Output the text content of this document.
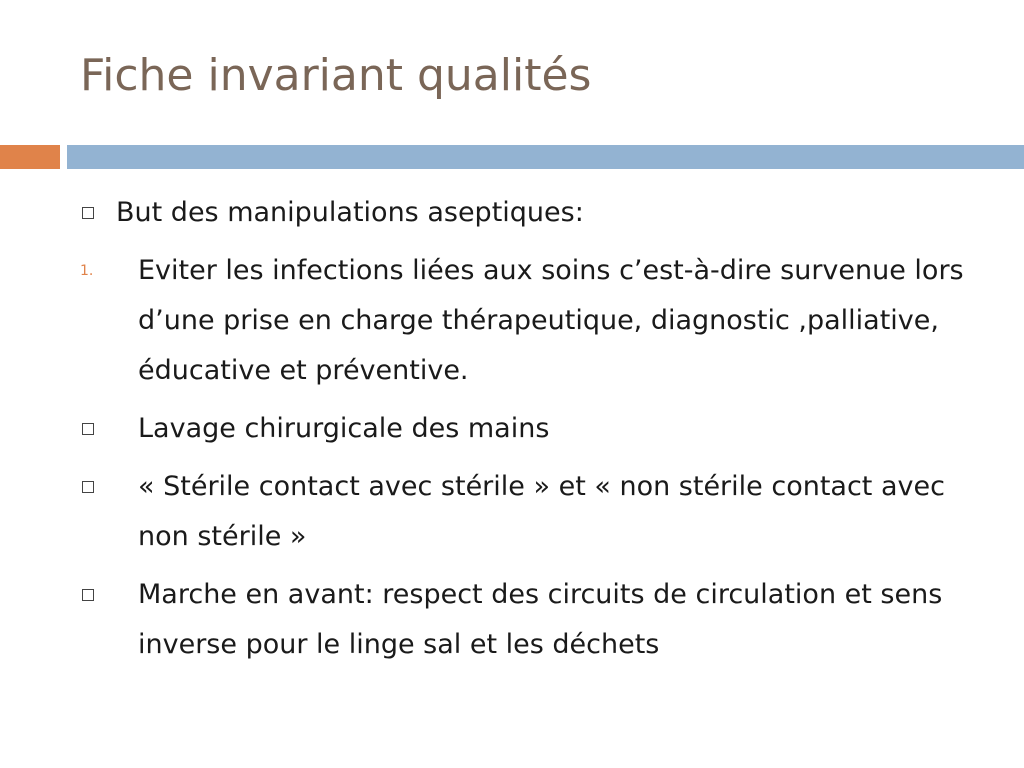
Fiche invariant qualités
But des manipulations aseptiques:
1. Eviter les infections liées aux soins c’est-à-dire survenue lors d’une prise en charge thérapeutique, diagnostic ,palliative, éducative et préventive.
Lavage chirurgicale des mains
« Stérile contact avec stérile » et « non stérile contact avec non stérile »
Marche en avant: respect des circuits de circulation et sens inverse pour le linge sal et les déchets
